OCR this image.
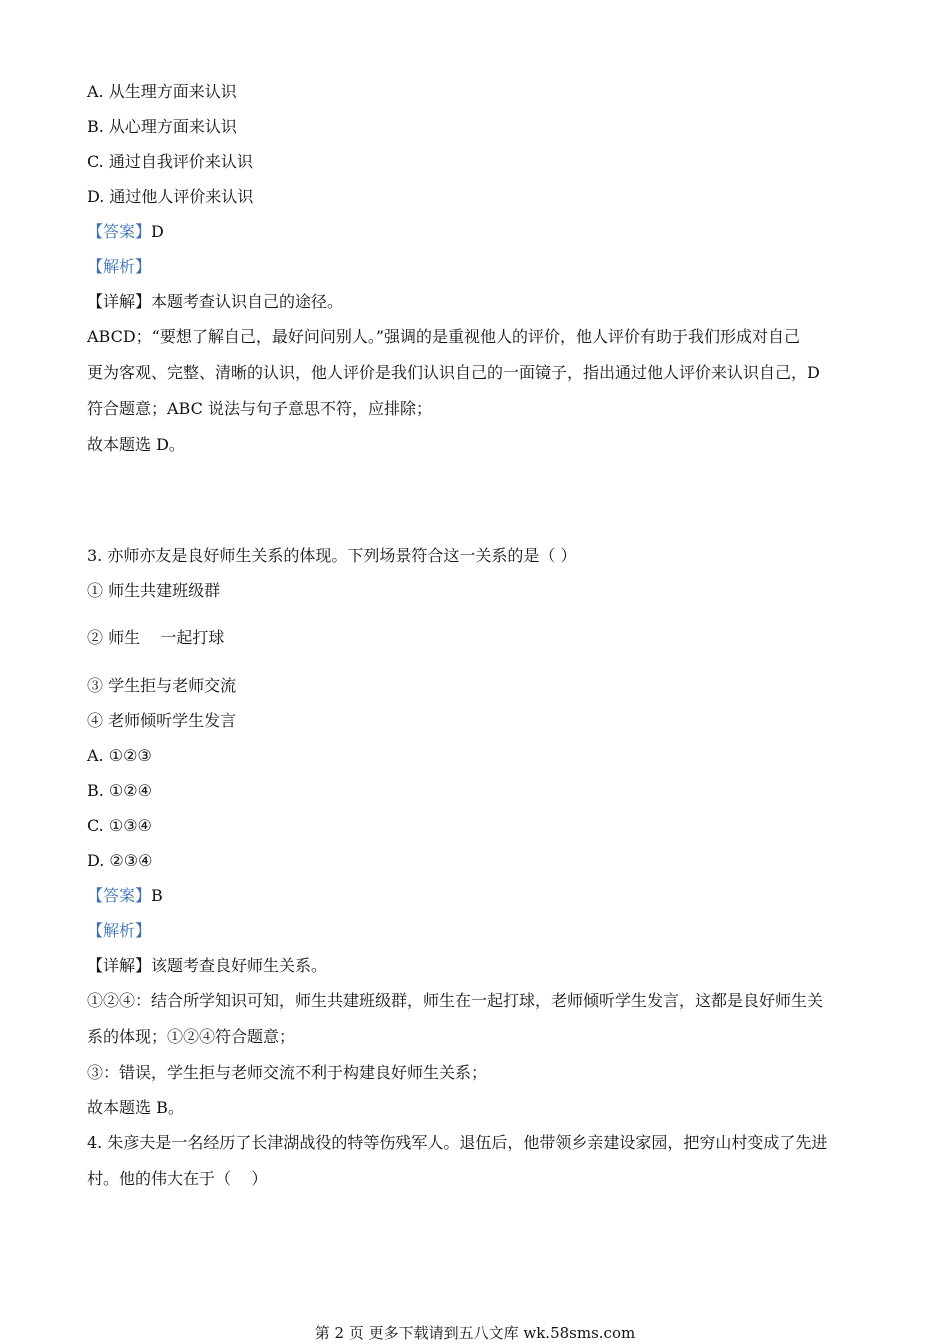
A. 从生理方面来认识
B. 从心理方面来认识
C. 通过自我评价来认识
D. 通过他人评价来认识
【答案】D
【解析】
【详解】本题考查认识自己的途径。
ABCD；“要想了解自己，最好问问别人。”强调的是重视他人的评价，他人评价有助于我们形成对自己
更为客观、完整、清晰的认识，他人评价是我们认识自己的一面镜子，指出通过他人评价来认识自己，D
符合题意；ABC 说法与句子意思不符，应排除；
故本题选 D。
3. 亦师亦友是良好师生关系的体现。下列场景符合这一关系的是（ ）
① 师生共建班级群
② 师生    一起打球
③ 学生拒与老师交流
④ 老师倾听学生发言
A. ①②③
B. ①②④
C. ①③④
D. ②③④
【答案】B
【解析】
【详解】该题考查良好师生关系。
①②④：结合所学知识可知，师生共建班级群，师生在一起打球，老师倾听学生发言，这都是良好师生关
系的体现；①②④符合题意；
③：错误，学生拒与老师交流不利于构建良好师生关系；
故本题选 B。
4. 朱彦夫是一名经历了长津湖战役的特等伤残军人。退伍后，他带领乡亲建设家园，把穷山村变成了先进
村。他的伟大在于（    ）
第 2 页 更多下载请到五八文库 wk.58sms.com
